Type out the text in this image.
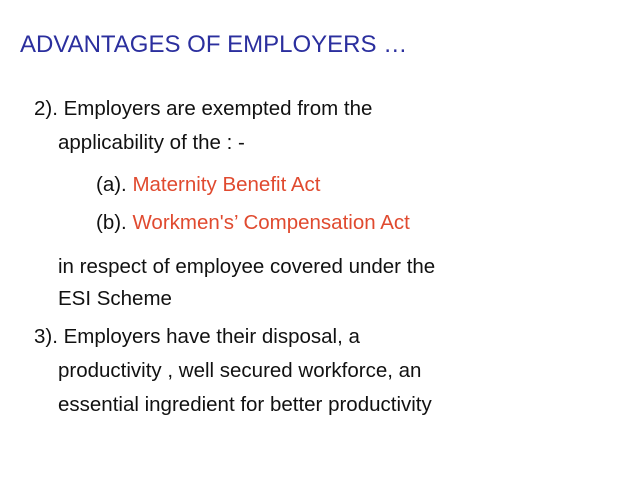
ADVANTAGES OF EMPLOYERS …
2). Employers are exempted from the
applicability of the : -
(a). Maternity Benefit Act
(b). Workmen's’ Compensation Act
in respect of employee covered under the
ESI Scheme
3). Employers have their disposal, a
productivity , well secured workforce, an
essential ingredient for better productivity
